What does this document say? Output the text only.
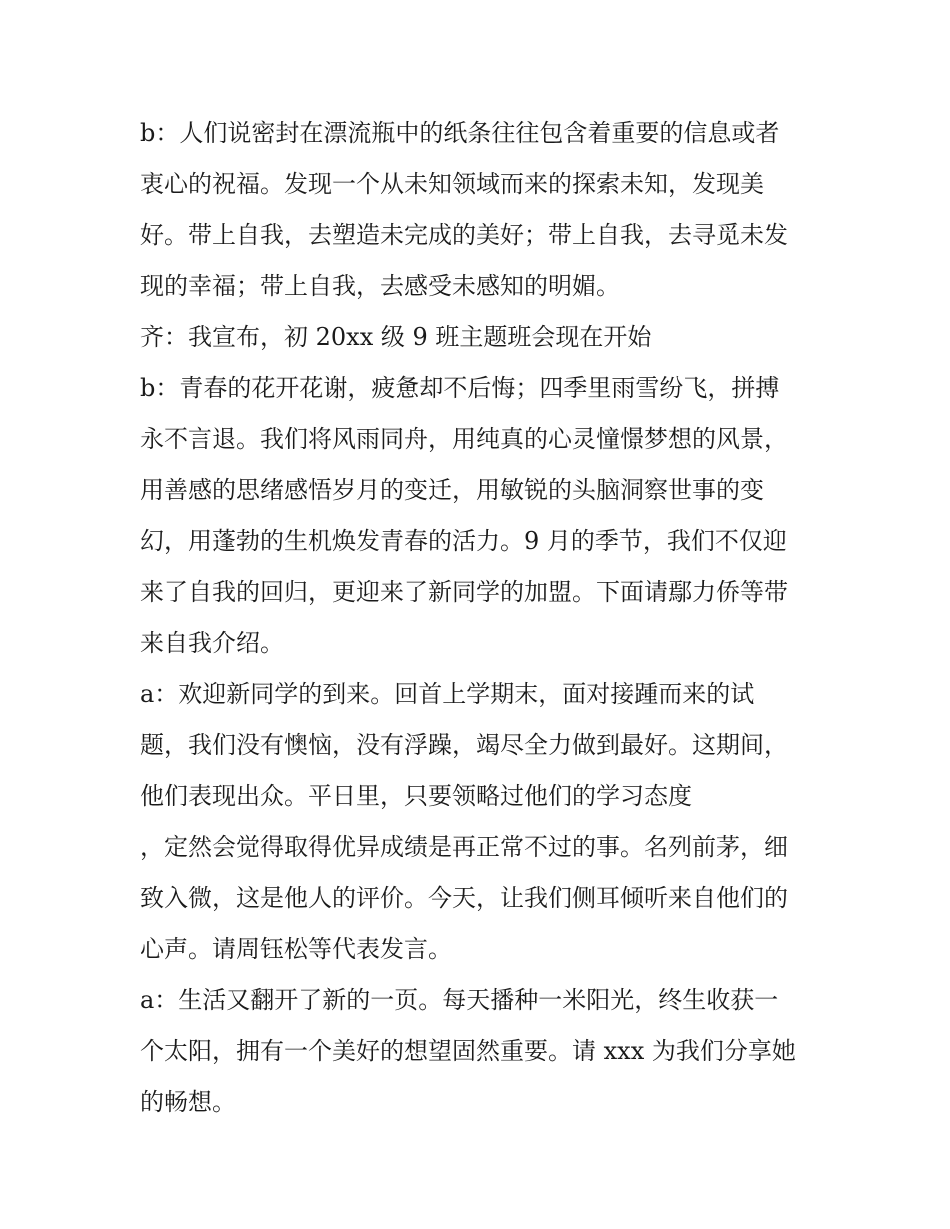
b：人们说密封在漂流瓶中的纸条往往包含着重要的信息或者

衷心的祝福。发现一个从未知领域而来的探索未知，发现美

好。带上自我，去塑造未完成的美好；带上自我，去寻觅未发

现的幸福；带上自我，去感受未感知的明媚。

齐：我宣布，初 20xx 级 9 班主题班会现在开始

b：青春的花开花谢，疲惫却不后悔；四季里雨雪纷飞，拼搏

永不言退。我们将风雨同舟，用纯真的心灵憧憬梦想的风景，

用善感的思绪感悟岁月的变迁，用敏锐的头脑洞察世事的变

幻，用蓬勃的生机焕发青春的活力。9 月的季节，我们不仅迎

来了自我的回归，更迎来了新同学的加盟。下面请鄢力侨等带

来自我介绍。

a：欢迎新同学的到来。回首上学期末，面对接踵而来的试

题，我们没有懊恼，没有浮躁，竭尽全力做到最好。这期间，

他们表现出众。平日里，只要领略过他们的学习态度

，定然会觉得取得优异成绩是再正常不过的事。名列前茅，细

致入微，这是他人的评价。今天，让我们侧耳倾听来自他们的

心声。请周钰松等代表发言。

a：生活又翻开了新的一页。每天播种一米阳光，终生收获一

个太阳，拥有一个美好的想望固然重要。请 xxx 为我们分享她

的畅想。
